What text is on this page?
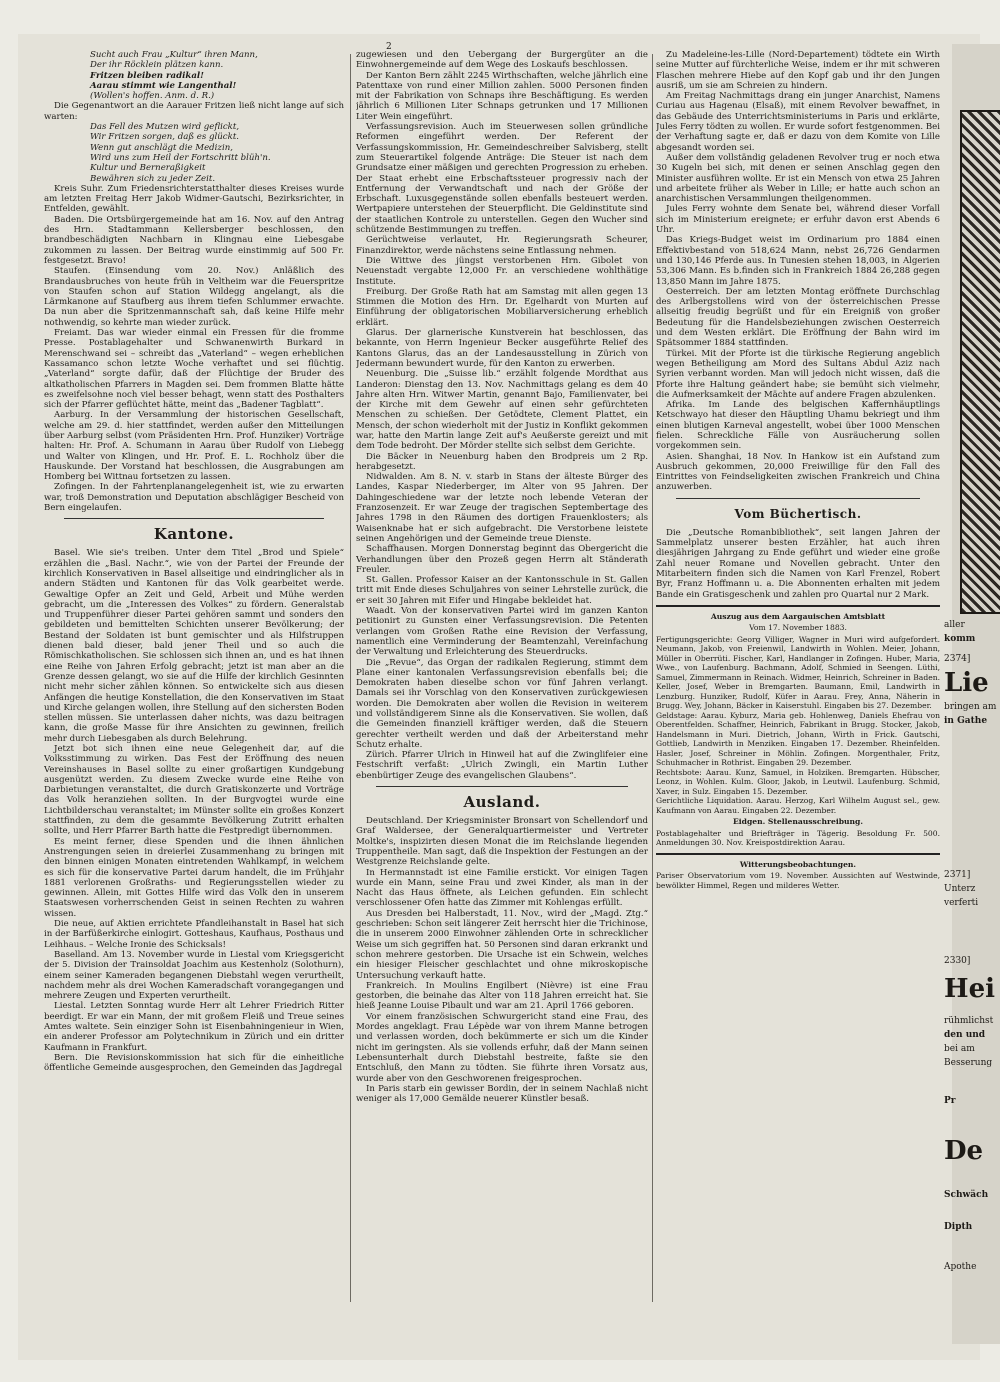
2

Sucht auch Frau „Kultur“ ihren Mann,

Der ihr Röcklein plätzen kann.

Fritzen bleiben radikal!

Aarau stimmt wie Langenthal!

(Wollen's hoffen. Anm. d. R.)

Die Gegenantwort an die Aarauer Fritzen ließ nicht lange auf sich warten:

Das Fell des Mutzen wird geflickt,

Wir Fritzen sorgen, daß es glückt.

Wenn gut anschlägt die Medizin,

Wird uns zum Heil der Fortschritt blüh'n.

Kultur und Berneraßigkeit

Bewähren sich zu jeder Zeit.

Kreis Suhr. Zum Friedensrichterstatthalter dieses Kreises wurde am letzten Freitag Herr Jakob Widmer-Gautschi, Bezirksrichter, in Entfelden, gewählt.

Baden. Die Ortsbürgergemeinde hat am 16. Nov. auf den Antrag des Hrn. Stadtammann Kellersberger beschlossen, den brandbeschädigten Nachbarn in Klingnau eine Liebesgabe zukommen zu lassen. Der Beitrag wurde einstimmig auf 500 Fr. festgesetzt. Bravo!

Staufen. (Einsendung vom 20. Nov.) Anläßlich des Brandausbruches von heute früh in Veltheim war die Feuerspritze von Staufen schon auf Station Wildegg angelangt, als die Lärmkanone auf Staufberg aus ihrem tiefen Schlummer erwachte. Da nun aber die Spritzenmannschaft sah, daß keine Hilfe mehr nothwendig, so kehrte man wieder zurück.

Freiamt. Das war wieder einmal ein Fressen für die fromme Presse. Postablagehalter und Schwanenwirth Burkard in Merenschwand sei – schreibt das „Vaterland“ – wegen erheblichen Kassamanco schon letzte Woche verhaftet und sei flüchtig. „Vaterland“ sorgte dafür, daß der Flüchtige der Bruder des altkatholischen Pfarrers in Magden sei. Dem frommen Blatte hätte es zweifelsohne noch viel besser behagt, wenn statt des Posthalters sich der Pfarrer geflüchtet hätte, meint das „Badener Tagblatt“.

Aarburg. In der Versammlung der historischen Gesellschaft, welche am 29. d. hier stattfindet, werden außer den Mitteilungen über Aarburg selbst (vom Präsidenten Hrn. Prof. Hunziker) Vorträge halten: Hr. Prof. A. Schumann in Aarau über Rudolf von Liebegg und Walter von Klingen, und Hr. Prof. E. L. Rochholz über die Hauskunde. Der Vorstand hat beschlossen, die Ausgrabungen am Homberg bei Wittnau fortsetzen zu lassen.

Zofingen. In der Fahrtenplanangelegenheit ist, wie zu erwarten war, troß Demonstration und Deputation abschlägiger Bescheid von Bern eingelaufen.

Kantone.

Basel. Wie sie's treiben. Unter dem Titel „Brod und Spiele“ erzählen die „Basl. Nachr.“, wie von der Partei der Freunde der kirchlich Konservativen in Basel allseitige und eindringlicher als in andern Städten und Kantonen für das Volk gearbeitet werde. Gewaltige Opfer an Zeit und Geld, Arbeit und Mühe werden gebracht, um die „Interessen des Volkes“ zu fördern. Generalstab und Truppenführer dieser Partei gehören sammt und sonders den gebildeten und bemittelten Schichten unserer Bevölkerung; der Bestand der Soldaten ist bunt gemischter und als Hilfstruppen dienen bald dieser, bald jener Theil und so auch die Römischkatholischen. Sie schlossen sich ihnen an, und es hat ihnen eine Reihe von Jahren Erfolg gebracht; jetzt ist man aber an die Grenze dessen gelangt, wo sie auf die Hilfe der kirchlich Gesinnten nicht mehr sicher zählen können. So entwickelte sich aus diesen Anfängen die heutige Konstellation, die den Konservativen im Staat und Kirche gelangen wollen, ihre Stellung auf den sichersten Boden stellen müssen. Sie unterlassen daher nichts, was dazu beitragen kann, die große Masse für ihre Ansichten zu gewinnen, freilich mehr durch Liebesgaben als durch Belehrung.

Jetzt bot sich ihnen eine neue Gelegenheit dar, auf die Volksstimmung zu wirken. Das Fest der Eröffnung des neuen Vereinshauses in Basel sollte zu einer großartigen Kundgebung ausgenützt werden. Zu diesem Zwecke wurde eine Reihe von Darbietungen veranstaltet, die durch Gratiskonzerte und Vorträge das Volk heranziehen sollten. In der Burgvogtei wurde eine Lichtbilderschau veranstaltet; im Münster sollte ein großes Konzert stattfinden, zu dem die gesammte Bevölkerung Zutritt erhalten sollte, und Herr Pfarrer Barth hatte die Festpredigt übernommen.

Es meint ferner, diese Spenden und die ihnen ähnlichen Anstrengungen seien in dreierlei Zusammenhang zu bringen mit den binnen einigen Monaten eintretenden Wahlkampf, in welchem es sich für die konservative Partei darum handelt, die im Frühjahr 1881 verlorenen Großraths- und Regierungsstellen wieder zu gewinnen. Allein, mit Gottes Hilfe wird das Volk den in unserem Staatswesen vorherrschenden Geist in seinen Rechten zu wahren wissen.

Die neue, auf Aktien errichtete Pfandleihanstalt in Basel hat sich in der Barfüßerkirche einlogirt. Gotteshaus, Kaufhaus, Posthaus und Leihhaus. – Welche Ironie des Schicksals!

Baselland. Am 13. November wurde in Liestal vom Kriegsgericht der 5. Division der Trainsoldat Joachim aus Kestenholz (Solothurn), einem seiner Kameraden begangenen Diebstahl wegen verurtheilt, nachdem mehr als drei Wochen Kameradschaft vorangegangen und mehrere Zeugen und Experten verurtheilt.

Liestal. Letzten Sonntag wurde Herr alt Lehrer Friedrich Ritter beerdigt. Er war ein Mann, der mit großem Fleiß und Treue seines Amtes waltete. Sein einziger Sohn ist Eisenbahningenieur in Wien, ein anderer Professor am Polytechnikum in Zürich und ein dritter Kaufmann in Frankfurt.

Bern. Die Revisionskommission hat sich für die einheitliche öffentliche Gemeinde ausgesprochen, den Gemeinden das Jagdregal

zugewiesen und den Uebergang der Burgergüter an die Einwohnergemeinde auf dem Wege des Loskaufs beschlossen.

Der Kanton Bern zählt 2245 Wirthschaften, welche jährlich eine Patenttaxe von rund einer Million zahlen. 5000 Personen finden mit der Fabrikation von Schnaps ihre Beschäftigung. Es werden jährlich 6 Millionen Liter Schnaps getrunken und 17 Millionen Liter Wein eingeführt.

Verfassungsrevision. Auch im Steuerwesen sollen gründliche Reformen eingeführt werden. Der Referent der Verfassungskommission, Hr. Gemeindeschreiber Salvisberg, stellt zum Steuerartikel folgende Anträge: Die Steuer ist nach dem Grundsatze einer mäßigen und gerechten Progression zu erheben. Der Staat erhebt eine Erbschaftssteuer progressiv nach der Entfernung der Verwandtschaft und nach der Größe der Erbschaft. Luxusgegenstände sollen ebenfalls besteuert werden. Wertpapiere unterstehen der Steuerpflicht. Die Geldinstitute sind der staatlichen Kontrole zu unterstellen. Gegen den Wucher sind schützende Bestimmungen zu treffen.

Gerüchtweise verlautet, Hr. Regierungsrath Scheurer, Finanzdirektor, werde nächstens seine Entlassung nehmen.

Die Wittwe des jüngst verstorbenen Hrn. Gibolet von Neuenstadt vergabte 12,000 Fr. an verschiedene wohlthätige Institute.

Freiburg. Der Große Rath hat am Samstag mit allen gegen 13 Stimmen die Motion des Hrn. Dr. Egelhardt von Murten auf Einführung der obligatorischen Mobiliarversicherung erheblich erklärt.

Glarus. Der glarnerische Kunstverein hat beschlossen, das bekannte, von Herrn Ingenieur Becker ausgeführte Relief des Kantons Glarus, das an der Landesausstellung in Zürich von Jedermann bewundert wurde, für den Kanton zu erwerben.

Neuenburg. Die „Suisse lib.“ erzählt folgende Mordthat aus Landeron: Dienstag den 13. Nov. Nachmittags gelang es dem 40 Jahre alten Hrn. Witwer Martin, genannt Bajo, Familienvater, bei der Kirche mit dem Gewehr auf einen sehr gefürchteten Menschen zu schießen. Der Getödtete, Clement Plattet, ein Mensch, der schon wiederholt mit der Justiz in Konflikt gekommen war, hatte den Martin lange Zeit auf's Aeußerste gereizt und mit dem Tode bedroht. Der Mörder stellte sich selbst dem Gerichte.

Die Bäcker in Neuenburg haben den Brodpreis um 2 Rp. herabgesetzt.

Nidwalden. Am 8. N. v. starb in Stans der älteste Bürger des Landes, Kaspar Niederberger, im Alter von 95 Jahren. Der Dahingeschiedene war der letzte noch lebende Veteran der Franzosenzeit. Er war Zeuge der tragischen Septembertage des Jahres 1798 in den Räumen des dortigen Frauenklosters; als Waisenknabe hat er sich aufgebracht. Die Verstorbene leistete seinen Angehörigen und der Gemeinde treue Dienste.

Schaffhausen. Morgen Donnerstag beginnt das Obergericht die Verhandlungen über den Prozeß gegen Herrn alt Ständerath Freuler.

St. Gallen. Professor Kaiser an der Kantonsschule in St. Gallen tritt mit Ende dieses Schuljahres von seiner Lehrstelle zurück, die er seit 30 Jahren mit Eifer und Hingabe bekleidet hat.

Waadt. Von der konservativen Partei wird im ganzen Kanton petitionirt zu Gunsten einer Verfassungsrevision. Die Petenten verlangen vom Großen Rathe eine Revision der Verfassung, namentlich eine Verminderung der Beamtenzahl, Vereinfachung der Verwaltung und Erleichterung des Steuerdrucks.

Die „Revue“, das Organ der radikalen Regierung, stimmt dem Plane einer kantonalen Verfassungsrevision ebenfalls bei; die Demokraten haben dieselbe schon vor fünf Jahren verlangt. Damals sei ihr Vorschlag von den Konservativen zurückgewiesen worden. Die Demokraten aber wollen die Revision in weiterem und vollständigerem Sinne als die Konservativen. Sie wollen, daß die Gemeinden finanziell kräftiger werden, daß die Steuern gerechter vertheilt werden und daß der Arbeiterstand mehr Schutz erhalte.

Zürich. Pfarrer Ulrich in Hinweil hat auf die Zwinglifeier eine Festschrift verfaßt: „Ulrich Zwingli, ein Martin Luther ebenbürtiger Zeuge des evangelischen Glaubens“.

Ausland.

Deutschland. Der Kriegsminister Bronsart von Schellendorf und Graf Waldersee, der Generalquartiermeister und Vertreter Moltke's, inspizirten diesen Monat die im Reichslande liegenden Truppentheile. Man sagt, daß die Inspektion der Festungen an der Westgrenze Reichslande gelte.

In Hermannstadt ist eine Familie erstickt. Vor einigen Tagen wurde ein Mann, seine Frau und zwei Kinder, als man in der Nacht das Haus öffnete, als Leichen gefunden. Ein schlecht verschlossener Ofen hatte das Zimmer mit Kohlengas erfüllt.

Aus Dresden bei Halberstadt, 11. Nov., wird der „Magd. Ztg.“ geschrieben: Schon seit längerer Zeit herrscht hier die Trichinose, die in unserem 2000 Einwohner zählenden Orte in schrecklicher Weise um sich gegriffen hat. 50 Personen sind daran erkrankt und schon mehrere gestorben. Die Ursache ist ein Schwein, welches ein hiesiger Fleischer geschlachtet und ohne mikroskopische Untersuchung verkauft hatte.

Frankreich. In Moulins Engilbert (Nièvre) ist eine Frau gestorben, die beinahe das Alter von 118 Jahren erreicht hat. Sie hieß Jeanne Louise Pibault und war am 21. April 1766 geboren.

Vor einem französischen Schwurgericht stand eine Frau, des Mordes angeklagt. Frau Lépède war von ihrem Manne betrogen und verlassen worden, doch bekümmerte er sich um die Kinder nicht im geringsten. Als sie vollends erfuhr, daß der Mann seinen Lebensunterhalt durch Diebstahl bestreite, faßte sie den Entschluß, den Mann zu tödten. Sie führte ihren Vorsatz aus, wurde aber von den Geschworenen freigesprochen.

In Paris starb ein gewisser Bordin, der in seinem Nachlaß nicht weniger als 17,000 Gemälde neuerer Künstler besaß.

Zu Madeleine-les-Lille (Nord-Departement) tödtete ein Wirth seine Mutter auf fürchterliche Weise, indem er ihr mit schweren Flaschen mehrere Hiebe auf den Kopf gab und ihr den Jungen ausriß, um sie am Schreien zu hindern.

Am Freitag Nachmittags drang ein junger Anarchist, Namens Curiau aus Hagenau (Elsaß), mit einem Revolver bewaffnet, in das Gebäude des Unterrichtsministeriums in Paris und erklärte, Jules Ferry tödten zu wollen. Er wurde sofort festgenommen. Bei der Verhaftung sagte er, daß er dazu von dem Komite von Lille abgesandt worden sei.

Außer dem vollständig geladenen Revolver trug er noch etwa 30 Kugeln bei sich, mit denen er seinen Anschlag gegen den Minister ausführen wollte. Er ist ein Mensch von etwa 25 Jahren und arbeitete früher als Weber in Lille; er hatte auch schon an anarchistischen Versammlungen theilgenommen.

Jules Ferry wohnte dem Senate bei, während dieser Vorfall sich im Ministerium ereignete; er erfuhr davon erst Abends 6 Uhr.

Das Kriegs-Budget weist im Ordinarium pro 1884 einen Effektivbestand von 518,624 Mann, nebst 26,726 Gendarmen und 130,146 Pferde aus. In Tunesien stehen 18,003, in Algerien 53,306 Mann. Es b.finden sich in Frankreich 1884 26,288 gegen 13,850 Mann im Jahre 1875.

Oesterreich. Der am letzten Montag eröffnete Durchschlag des Arlbergstollens wird von der österreichischen Presse allseitig freudig begrüßt und für ein Ereigniß von großer Bedeutung für die Handelsbeziehungen zwischen Oesterreich und dem Westen erklärt. Die Eröffnung der Bahn wird im Spätsommer 1884 stattfinden.

Türkei. Mit der Pforte ist die türkische Regierung angeblich wegen Betheiligung am Mord des Sultans Abdul Aziz nach Syrien verbannt worden. Man will jedoch nicht wissen, daß die Pforte ihre Haltung geändert habe; sie bemüht sich vielmehr, die Aufmerksamkeit der Mächte auf andere Fragen abzulenken.

Afrika. Im Lande des belgischen Kaffernhäuptlings Ketschwayo hat dieser den Häuptling Uhamu bekriegt und ihm einen blutigen Karneval angestellt, wobei über 1000 Menschen fielen. Schreckliche Fälle von Ausräucherung sollen vorgekommen sein.

Asien. Shanghai, 18 Nov. In Hankow ist ein Aufstand zum Ausbruch gekommen, 20,000 Freiwillige für den Fall des Eintrittes von Feindseligkeiten zwischen Frankreich und China anzuwerben.

Vom Büchertisch.

Die „Deutsche Romanbibliothek“, seit langen Jahren der Sammelplatz unserer besten Erzähler, hat auch ihren diesjährigen Jahrgang zu Ende geführt und wieder eine große Zahl neuer Romane und Novellen gebracht. Unter den Mitarbeitern finden sich die Namen von Karl Frenzel, Robert Byr, Franz Hoffmann u. a. Die Abonnenten erhalten mit jedem Bande ein Gratisgeschenk und zahlen pro Quartal nur 2 Mark.

Auszug aus dem Aargauischen Amtsblatt
Vom 17. November 1883.

Fertigungsgerichte: Georg Villiger, Wagner in Muri wird aufgefordert. Neumann, Jakob, von Freienwil, Landwirth in Wohlen. Meier, Johann, Müller in Oberrüti. Fischer, Karl, Handlanger in Zofingen. Huber, Maria, Wwe., von Laufenburg. Bachmann, Adolf, Schmied in Seengen. Lüthi, Samuel, Zimmermann in Reinach. Widmer, Heinrich, Schreiner in Baden. Keller, Josef, Weber in Bremgarten. Baumann, Emil, Landwirth in Lenzburg. Hunziker, Rudolf, Küfer in Aarau. Frey, Anna, Näherin in Brugg. Wey, Johann, Bäcker in Kaiserstuhl. Eingaben bis 27. Dezember.

Geldstage: Aarau. Kyburz, Maria geb. Hohlenweg, Daniels Ehefrau von Oberentfelden. Schaffner, Heinrich, Fabrikant in Brugg. Stocker, Jakob, Handelsmann in Muri. Dietrich, Johann, Wirth in Frick. Gautschi, Gottlieb, Landwirth in Menziken. Eingaben 17. Dezember. Rheinfelden. Hasler, Josef, Schreiner in Möhlin. Zofingen. Morgenthaler, Fritz, Schuhmacher in Rothrist. Eingaben 29. Dezember.

Rechtsbote: Aarau. Kunz, Samuel, in Holziken. Bremgarten. Hübscher, Leonz, in Wohlen. Kulm. Gloor, Jakob, in Leutwil. Laufenburg. Schmid, Xaver, in Sulz. Eingaben 15. Dezember.

Gerichtliche Liquidation. Aarau. Herzog, Karl Wilhelm August sel., gew. Kaufmann von Aarau. Eingaben 22. Dezember.

Eidgen. Stellenausschreibung.

Postablagehalter und Briefträger in Tägerig. Besoldung Fr. 500. Anmeldungen 30. Nov. Kreispostdirektion Aarau.

Witterungsbeobachtungen.

Pariser Observatorium vom 19. November. Aussichten auf Westwinde, bewölkter Himmel, Regen und milderes Wetter.

aller
komm
2374]
Lie
bringen am
in Gathe
2371]
Unterz
verferti
2330]
Hei
rühmlichst
den und
bei am
Besserung
Pr
De
Schwäch
Dipth
Apothe
